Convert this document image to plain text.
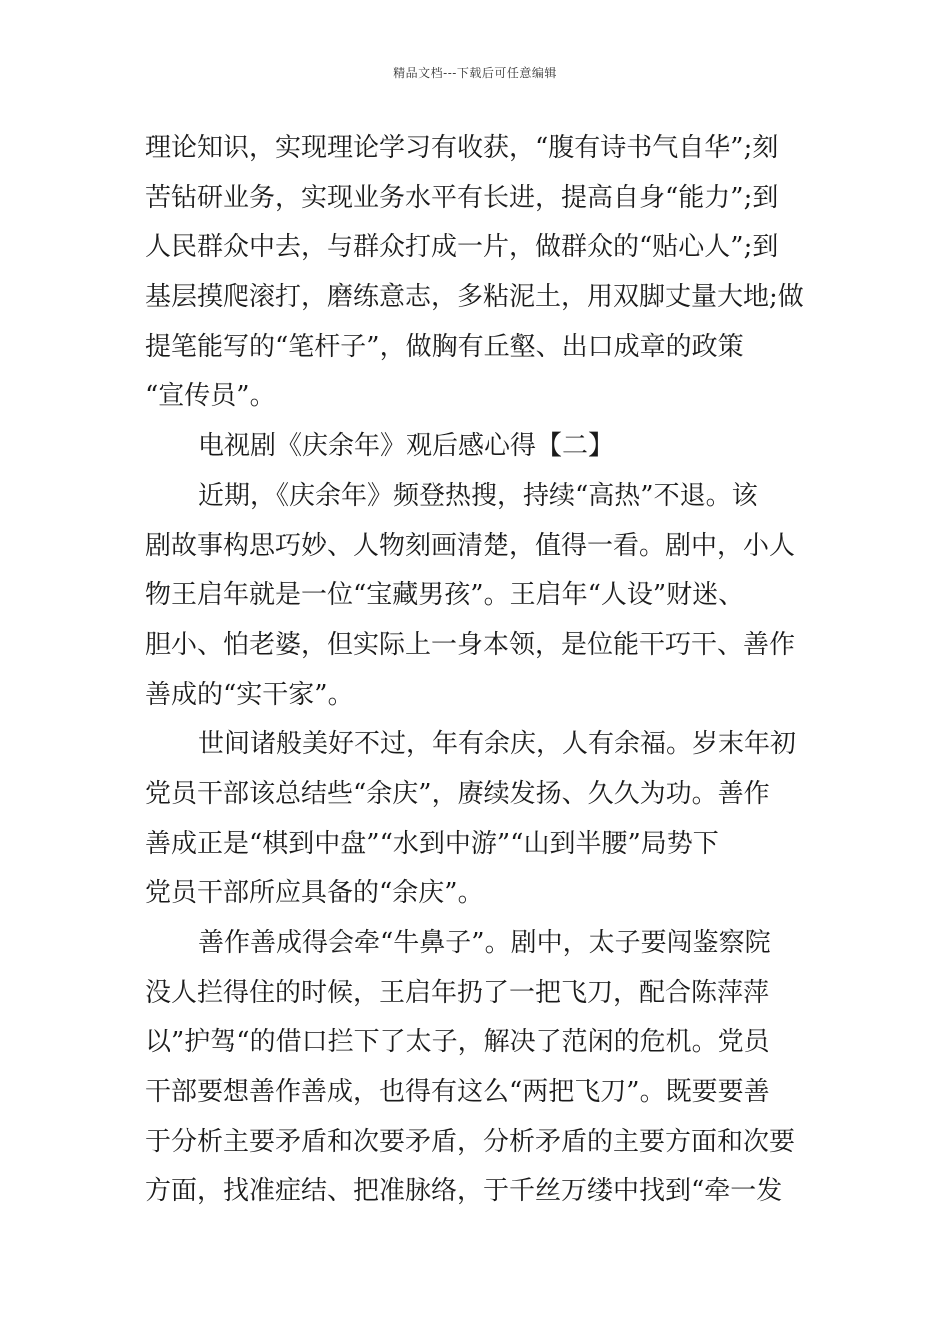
精品文档---下载后可任意编辑
理论知识，实现理论学习有收获，“腹有诗书气自华”;刻
苦钻研业务，实现业务水平有长进，提高自身“能力”;到
人民群众中去，与群众打成一片，做群众的“贴心人”;到
基层摸爬滚打，磨练意志，多粘泥土，用双脚丈量大地;做
提笔能写的“笔杆子”，做胸有丘壑、出口成章的政策
“宣传员”。
电视剧《庆余年》观后感心得【二】
近期，《庆余年》频登热搜，持续“高热”不退。该
剧故事构思巧妙、人物刻画清楚，值得一看。剧中，小人
物王启年就是一位“宝藏男孩”。王启年“人设”财迷、
胆小、怕老婆，但实际上一身本领，是位能干巧干、善作
善成的“实干家”。
世间诸般美好不过，年有余庆，人有余福。岁末年初
党员干部该总结些“余庆”，赓续发扬、久久为功。善作
善成正是“棋到中盘”“水到中游”“山到半腰”局势下
党员干部所应具备的“余庆”。
善作善成得会牵“牛鼻子”。剧中，太子要闯鉴察院
没人拦得住的时候，王启年扔了一把飞刀，配合陈萍萍
以”护驾“的借口拦下了太子，解决了范闲的危机。党员
干部要想善作善成，也得有这么“两把飞刀”。既要要善
于分析主要矛盾和次要矛盾，分析矛盾的主要方面和次要
方面，找准症结、把准脉络，于千丝万缕中找到“牵一发
